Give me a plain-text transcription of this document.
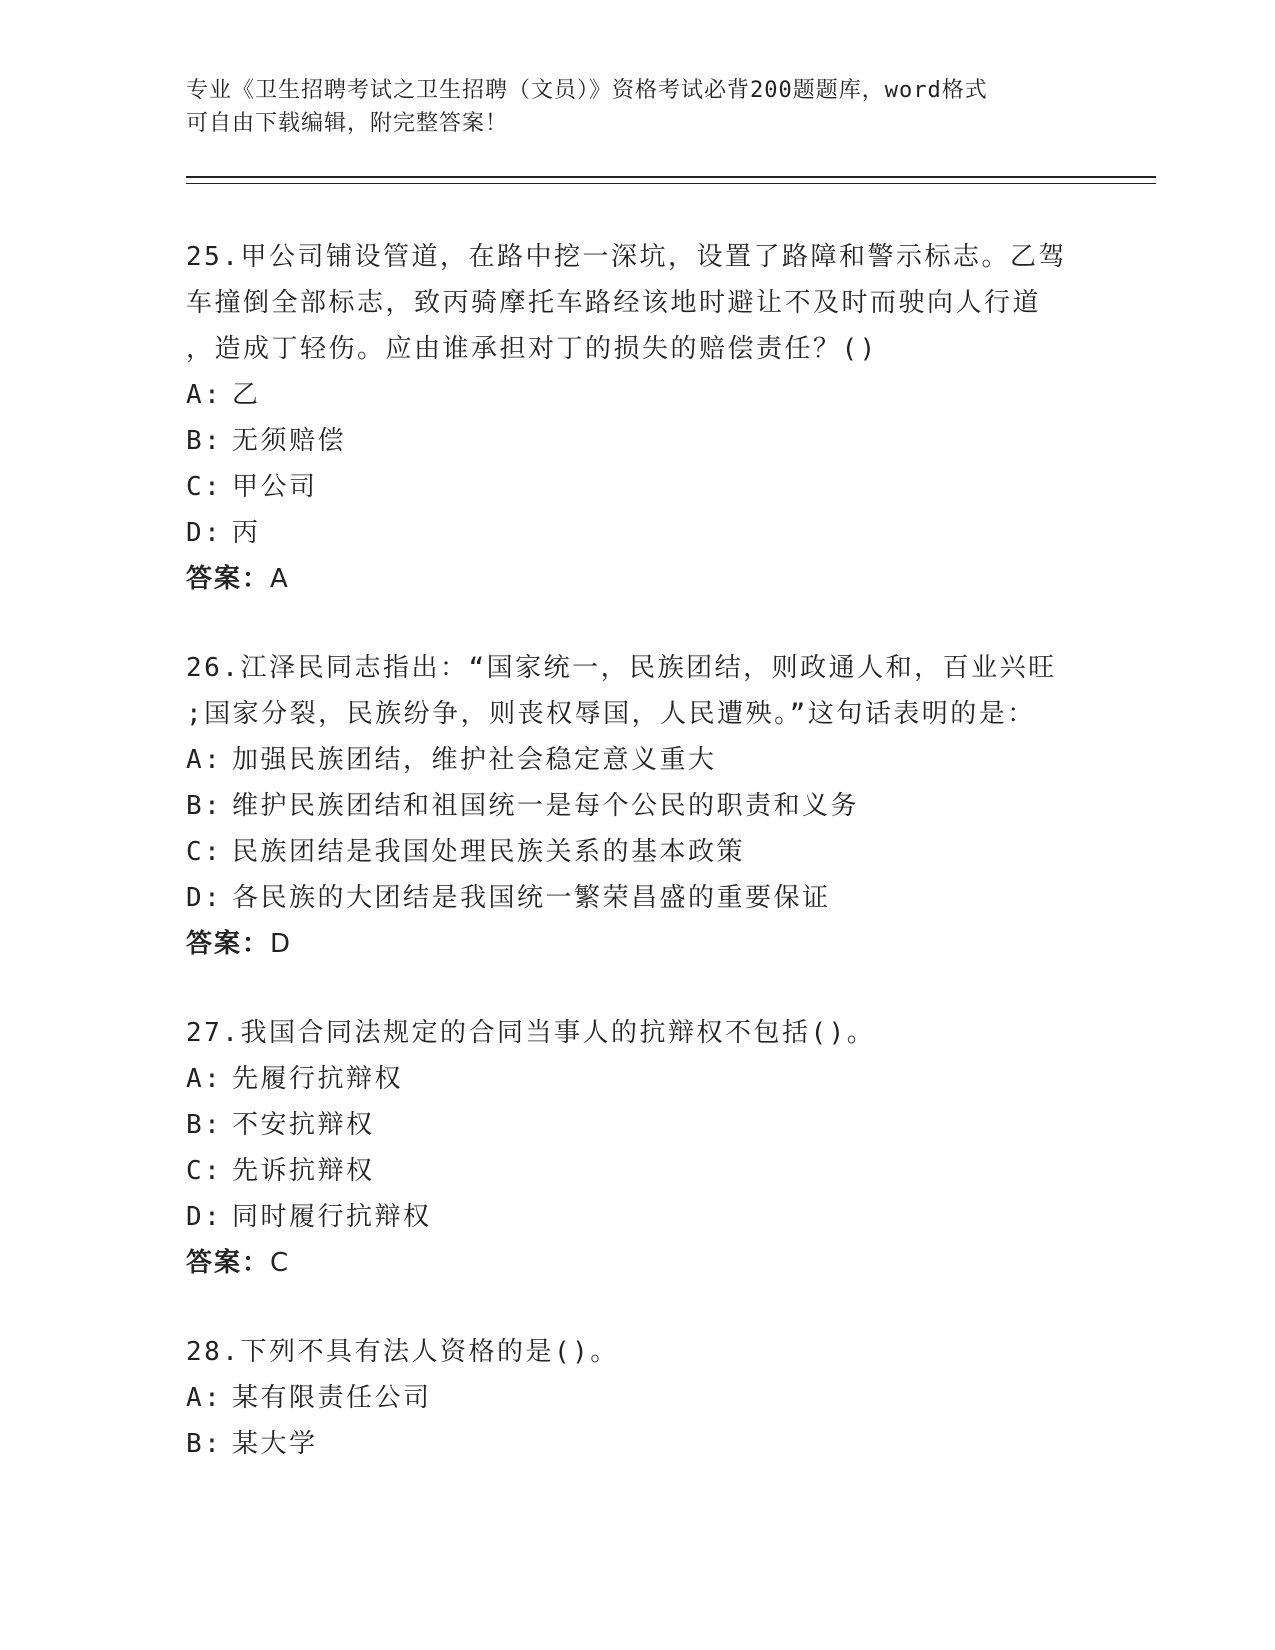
专业《卫生招聘考试之卫生招聘（文员）》资格考试必背200题题库，word格式
可自由下载编辑，附完整答案！
25.甲公司铺设管道，在路中挖一深坑，设置了路障和警示标志。乙驾
车撞倒全部标志，致丙骑摩托车路经该地时避让不及时而驶向人行道
，造成丁轻伤。应由谁承担对丁的损失的赔偿责任？()
A: 乙
B: 无须赔偿
C: 甲公司
D: 丙
答案：A
26.江泽民同志指出：“国家统一，民族团结，则政通人和，百业兴旺
;国家分裂，民族纷争，则丧权辱国，人民遭殃。”这句话表明的是：
A: 加强民族团结，维护社会稳定意义重大
B: 维护民族团结和祖国统一是每个公民的职责和义务
C: 民族团结是我国处理民族关系的基本政策
D: 各民族的大团结是我国统一繁荣昌盛的重要保证
答案：D
27.我国合同法规定的合同当事人的抗辩权不包括()。
A: 先履行抗辩权
B: 不安抗辩权
C: 先诉抗辩权
D: 同时履行抗辩权
答案：C
28.下列不具有法人资格的是()。
A: 某有限责任公司
B: 某大学
